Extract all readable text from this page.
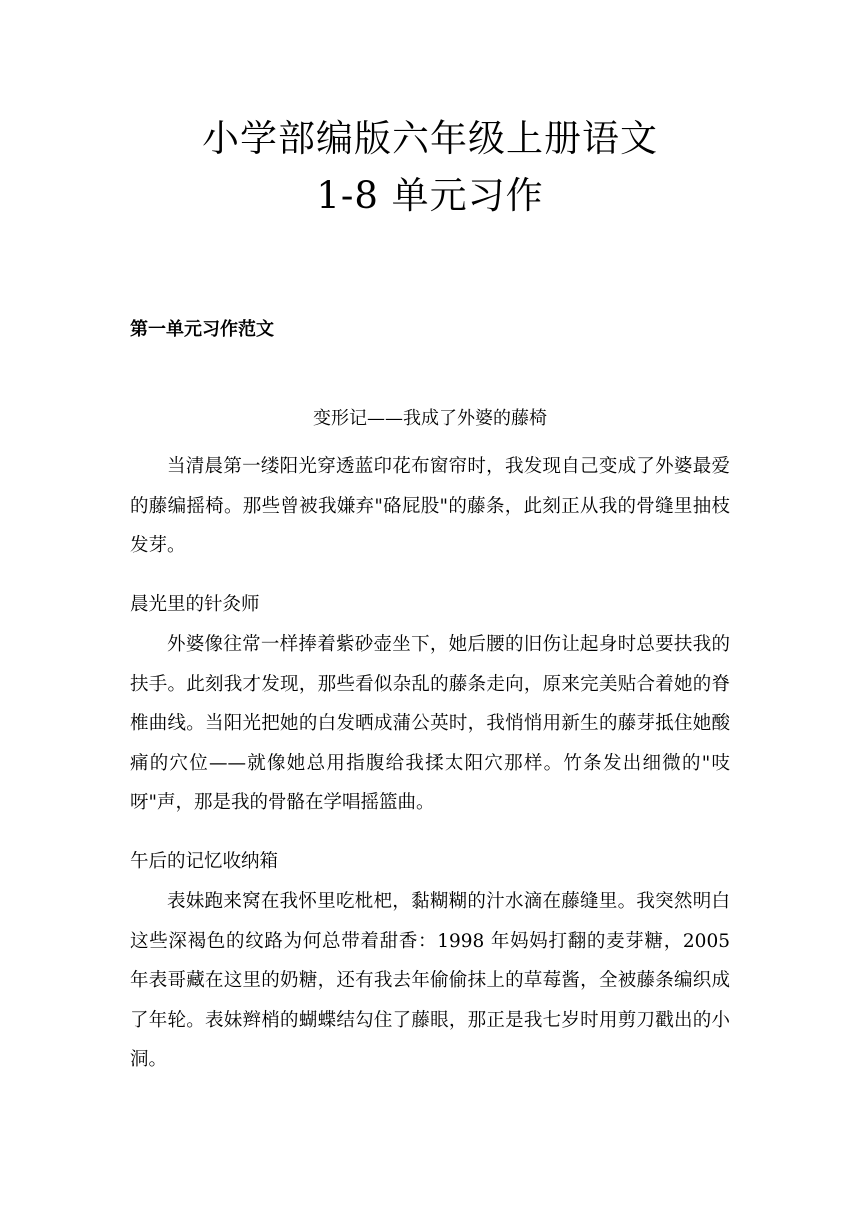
小学部编版六年级上册语文
1-8 单元习作
第一单元习作范文
变形记——我成了外婆的藤椅

当清晨第一缕阳光穿透蓝印花布窗帘时，我发现自己变成了外婆最爱的藤编摇椅。那些曾被我嫌弃"硌屁股"的藤条，此刻正从我的骨缝里抽枝发芽。

晨光里的针灸师

外婆像往常一样捧着紫砂壶坐下，她后腰的旧伤让起身时总要扶我的扶手。此刻我才发现，那些看似杂乱的藤条走向，原来完美贴合着她的脊椎曲线。当阳光把她的白发晒成蒲公英时，我悄悄用新生的藤芽抵住她酸痛的穴位——就像她总用指腹给我揉太阳穴那样。竹条发出细微的"吱呀"声，那是我的骨骼在学唱摇篮曲。

午后的记忆收纳箱

表妹跑来窝在我怀里吃枇杷，黏糊糊的汁水滴在藤缝里。我突然明白这些深褐色的纹路为何总带着甜香：1998 年妈妈打翻的麦芽糖，2005 年表哥藏在这里的奶糖，还有我去年偷偷抹上的草莓酱，全被藤条编织成了年轮。表妹辫梢的蝴蝶结勾住了藤眼，那正是我七岁时用剪刀戳出的小洞。
